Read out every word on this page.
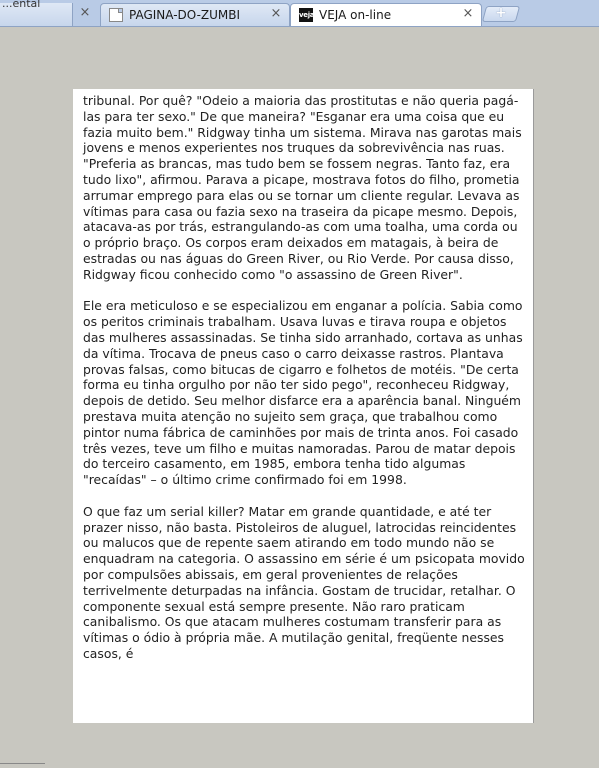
...ental
×	PAGINA-DO-ZUMBI ×	veja VEJA on-line	×	+

tribunal. Por quê? "Odeio a maioria das prostitutas e não queria pagá-las para ter sexo." De que maneira? "Esganar era uma coisa que eu fazia muito bem." Ridgway tinha um sistema. Mirava nas garotas mais jovens e menos experientes nos truques da sobrevivência nas ruas. "Preferia as brancas, mas tudo bem se fossem negras. Tanto faz, era tudo lixo", afirmou. Parava a picape, mostrava fotos do filho, prometia arrumar emprego para elas ou se tornar um cliente regular. Levava as vítimas para casa ou fazia sexo na traseira da picape mesmo. Depois, atacava-as por trás, estrangulando-as com uma toalha, uma corda ou o próprio braço. Os corpos eram deixados em matagais, à beira de estradas ou nas águas do Green River, ou Rio Verde. Por causa disso, Ridgway ficou conhecido como "o assassino de Green River".

Ele era meticuloso e se especializou em enganar a polícia. Sabia como os peritos criminais trabalham. Usava luvas e tirava roupa e objetos das mulheres assassinadas. Se tinha sido arranhado, cortava as unhas da vítima. Trocava de pneus caso o carro deixasse rastros. Plantava provas falsas, como bitucas de cigarro e folhetos de motéis. "De certa forma eu tinha orgulho por não ter sido pego", reconheceu Ridgway, depois de detido. Seu melhor disfarce era a aparência banal. Ninguém prestava muita atenção no sujeito sem graça, que trabalhou como pintor numa fábrica de caminhões por mais de trinta anos. Foi casado três vezes, teve um filho e muitas namoradas. Parou de matar depois do terceiro casamento, em 1985, embora tenha tido algumas "recaídas" – o último crime confirmado foi em 1998.

O que faz um serial killer? Matar em grande quantidade, e até ter prazer nisso, não basta. Pistoleiros de aluguel, latrocidas reincidentes ou malucos que de repente saem atirando em todo mundo não se enquadram na categoria. O assassino em série é um psicopata movido por compulsões abissais, em geral provenientes de relações terrivelmente deturpadas na infância. Gostam de trucidar, retalhar. O componente sexual está sempre presente. Não raro praticam canibalismo. Os que atacam mulheres costumam transferir para as vítimas o ódio à própria mãe. A mutilação genital, freqüente nesses casos, é
